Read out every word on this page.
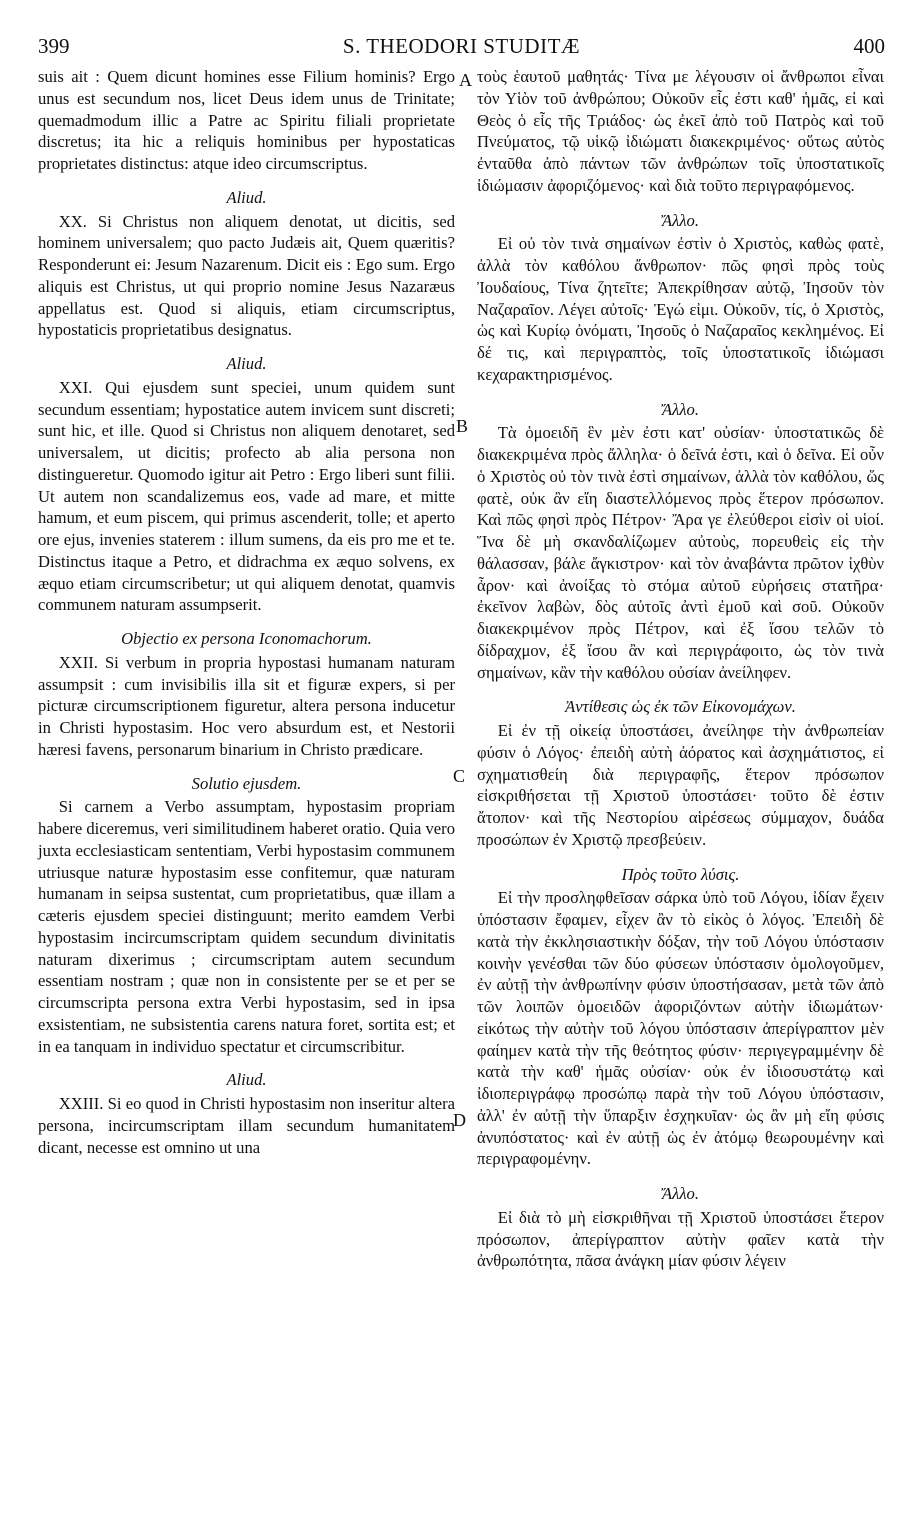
399	S. THEODORI STUDITÆ	400

suis ait : Quem dicunt homines esse Filium hominis? Ergo unus est secundum nos, licet Deus idem unus de Trinitate; quemadmodum illic a Patre ac Spiritu filiali proprietate discretus; ita hic a reliquis hominibus per hypostaticas proprietates distinctus: atque ideo circumscriptus.

Aliud.

XX. Si Christus non aliquem denotat, ut dicitis, sed hominem universalem; quo pacto Judæis ait, Quem quæritis? Responderunt ei: Jesum Nazarenum. Dicit eis : Ego sum. Ergo aliquis est Christus, ut qui proprio nomine Jesus Nazaræus appellatus est. Quod si aliquis, etiam circumscriptus, hypostaticis proprietatibus designatus.

Aliud.

XXI. Qui ejusdem sunt speciei, unum quidem sunt secundum essentiam; hypostatice autem invicem sunt discreti; sunt hic, et ille. Quod si Christus non aliquem denotaret, sed universalem, ut dicitis; profecto ab alia persona non distingueretur. Quomodo igitur ait Petro : Ergo liberi sunt filii. Ut autem non scandalizemus eos, vade ad mare, et mitte hamum, et eum piscem, qui primus ascenderit, tolle; et aperto ore ejus, invenies staterem : illum sumens, da eis pro me et te. Distinctus itaque a Petro, et didrachma ex æquo solvens, ex æquo etiam circumscribetur; ut qui aliquem denotat, quamvis communem naturam assumpserit.

Objectio ex persona Iconomachorum.

XXII. Si verbum in propria hypostasi humanam naturam assumpsit : cum invisibilis illa sit et figuræ expers, si per picturæ circumscriptionem figuretur, altera persona inducetur in Christi hypostasim. Hoc vero absurdum est, et Nestorii hæresi favens, personarum binarium in Christo prædicare.

Solutio ejusdem.

Si carnem a Verbo assumptam, hypostasim propriam habere diceremus, veri similitudinem haberet oratio. Quia vero juxta ecclesiasticam sententiam, Verbi hypostasim communem utriusque naturæ hypostasim esse confitemur, quæ naturam humanam in seipsa sustentat, cum proprietatibus, quæ illam a cæteris ejusdem speciei distinguunt; merito eamdem Verbi hypostasim incircumscriptam quidem secundum divinitatis naturam dixerimus ; circumscriptam autem secundum essentiam nostram ; quæ non in consistente per se et per se circumscripta persona extra Verbi hypostasim, sed in ipsa exsistentiam, ne subsistentia carens natura foret, sortita est; et in ea tanquam in individuo spectatur et circumscribitur.

Aliud.

XXIII. Si eo quod in Christi hypostasim non inseritur altera persona, incircumscriptam illam secundum humanitatem dicant, necesse est omnino ut una

τοὺς ἑαυτοῦ μαθητάς· Τίνα με λέγουσιν οἱ ἄνθρωποι εἶναι τὸν Υἱὸν τοῦ ἀνθρώπου; Οὐκοῦν εἷς ἐστι καθ' ἡμᾶς, εἰ καὶ Θεὸς ὁ εἷς τῆς Τριάδος· ὡς ἐκεῖ ἀπὸ τοῦ Πατρὸς καὶ τοῦ Πνεύματος, τῷ υἱκῷ ἰδιώματι διακεκριμένος· οὕτως αὐτὸς ἐνταῦθα ἀπὸ πάντων τῶν ἀνθρώπων τοῖς ὑποστατικοῖς ἰδιώμασιν ἀφοριζόμενος· καὶ διὰ τοῦτο περιγραφόμενος.

Ἄλλο.

Εἰ οὐ τὸν τινὰ σημαίνων ἐστὶν ὁ Χριστὸς, καθὼς φατὲ, ἀλλὰ τὸν καθόλου ἄνθρωπον· πῶς φησὶ πρὸς τοὺς Ἰουδαίους, Τίνα ζητεῖτε; Ἀπεκρίθησαν αὐτῷ, Ἰησοῦν τὸν Ναζαραῖον. Λέγει αὐτοῖς· Ἐγώ εἰμι. Οὐκοῦν, τίς, ὁ Χριστὸς, ὡς καὶ Κυρίῳ ὀνόματι, Ἰησοῦς ὁ Ναζαραῖος κεκλημένος. Εἰ δέ τις, καὶ περιγραπτὸς, τοῖς ὑποστατικοῖς ἰδιώμασι κεχαρακτηρισμένος.

Ἄλλο.

Τὰ ὁμοειδῆ ἓν μὲν ἐστι κατ' οὐσίαν· ὑποστατικῶς δὲ διακεκριμένα πρὸς ἄλληλα· ὁ δεῖνά ἐστι, καὶ ὁ δεῖνα. Εἰ οὖν ὁ Χριστὸς οὐ τὸν τινὰ ἐστὶ σημαίνων, ἀλλὰ τὸν καθόλου, ὥς φατὲ, οὐκ ἂν εἴη διαστελλόμενος πρὸς ἕτερον πρόσωπον. Καὶ πῶς φησὶ πρὸς Πέτρον· Ἄρα γε ἐλεύθεροι εἰσὶν οἱ υἱοί. Ἵνα δὲ μὴ σκανδαλίζωμεν αὐτοὺς, πορευθεὶς εἰς τὴν θάλασσαν, βάλε ἄγκιστρον· καὶ τὸν ἀναβάντα πρῶτον ἰχθὺν ἆρον· καὶ ἀνοίξας τὸ στόμα αὐτοῦ εὑρήσεις στατῆρα· ἐκεῖνον λαβὼν, δὸς αὐτοῖς ἀντὶ ἐμοῦ καὶ σοῦ. Οὐκοῦν διακεκριμένον πρὸς Πέτρον, καὶ ἐξ ἴσου τελῶν τὸ δίδραχμον, ἐξ ἴσου ἂν καὶ περιγράφοιτο, ὡς τὸν τινὰ σημαίνων, κἂν τὴν καθόλου οὐσίαν ἀνείληφεν.

Ἀντίθεσις ὡς ἐκ τῶν Εἰκονομάχων.

Εἰ ἐν τῇ οἰκείᾳ ὑποστάσει, ἀνείληφε τὴν ἀνθρωπείαν φύσιν ὁ Λόγος· ἐπειδὴ αὐτὴ ἀόρατος καὶ ἀσχημάτιστος, εἰ σχηματισθείη διὰ περιγραφῆς, ἕτερον πρόσωπον εἰσκριθήσεται τῇ Χριστοῦ ὑποστάσει· τοῦτο δὲ ἐστιν ἄτοπον· καὶ τῆς Νεστορίου αἱρέσεως σύμμαχον, δυάδα προσώπων ἐν Χριστῷ πρεσβεύειν.

Πρὸς τοῦτο λύσις.

Εἰ τὴν προσληφθεῖσαν σάρκα ὑπὸ τοῦ Λόγου, ἰδίαν ἔχειν ὑπόστασιν ἔφαμεν, εἶχεν ἂν τὸ εἰκὸς ὁ λόγος. Ἐπειδὴ δὲ κατὰ τὴν ἐκκλησιαστικὴν δόξαν, τὴν τοῦ Λόγου ὑπόστασιν κοινὴν γενέσθαι τῶν δύο φύσεων ὑπόστασιν ὁμολογοῦμεν, ἐν αὐτῇ τὴν ἀνθρωπίνην φύσιν ὑποστήσασαν, μετὰ τῶν ἀπὸ τῶν λοιπῶν ὁμοειδῶν ἀφοριζόντων αὐτὴν ἰδιωμάτων· εἰκότως τὴν αὐτὴν τοῦ λόγου ὑπόστασιν ἀπερίγραπτον μὲν φαίημεν κατὰ τὴν τῆς θεότητος φύσιν· περιγεγραμμένην δὲ κατὰ τὴν καθ' ἡμᾶς οὐσίαν· οὐκ ἐν ἰδιοσυστάτῳ καὶ ἰδιοπεριγράφῳ προσώπῳ παρὰ τὴν τοῦ Λόγου ὑπόστασιν, ἀλλ' ἐν αὐτῇ τὴν ὕπαρξιν ἐσχηκυῖαν· ὡς ἂν μὴ εἴη φύσις ἀνυπόστατος· καὶ ἐν αὐτῇ ὡς ἐν ἀτόμῳ θεωρουμένην καὶ περιγραφομένην.

Ἄλλο.

Εἰ διὰ τὸ μὴ εἰσκριθῆναι τῇ Χριστοῦ ὑποστάσει ἕτερον πρόσωπον, ἀπερίγραπτον αὐτὴν φαῖεν κατὰ τὴν ἀνθρωπότητα, πᾶσα ἀνάγκη μίαν φύσιν λέγειν

A
B
C
D
